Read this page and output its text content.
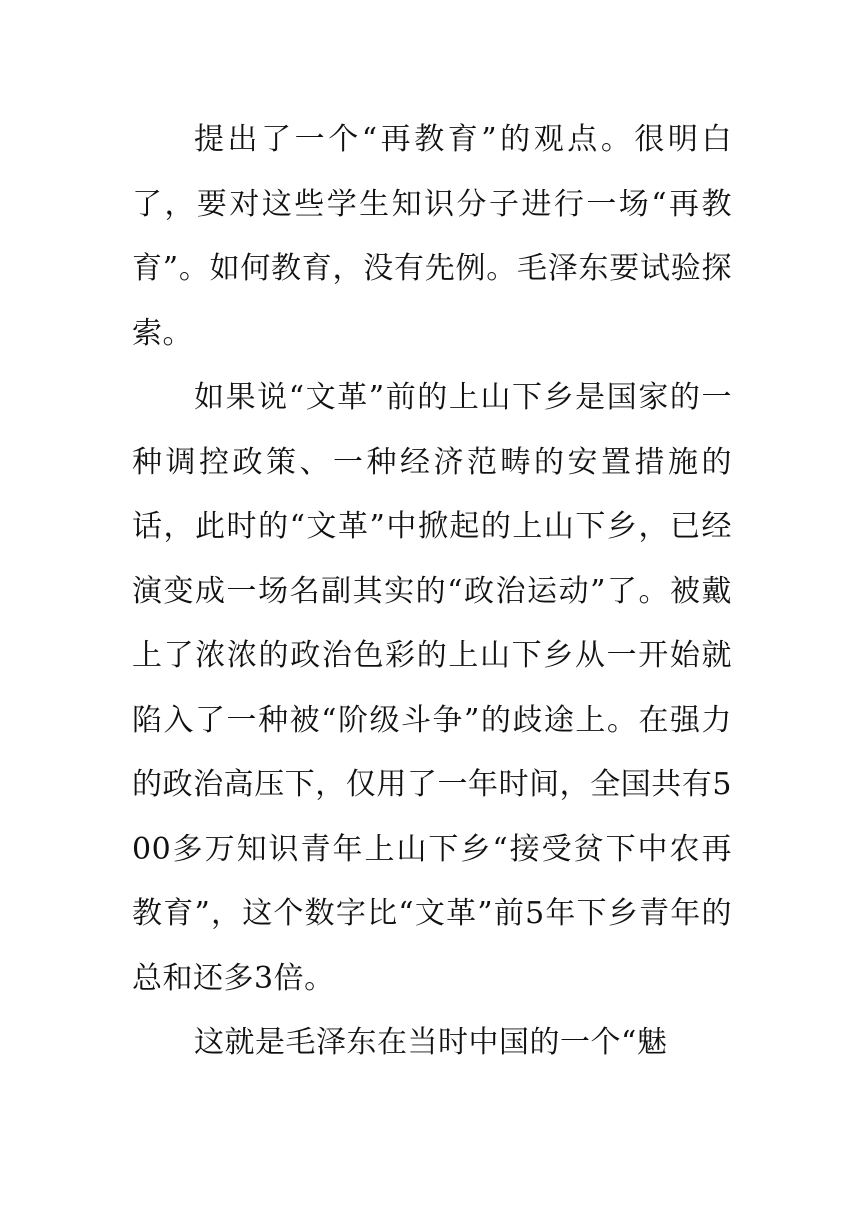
提出了一个“再教育”的观点。很明白了，要对这些学生知识分子进行一场“再教育”。如何教育，没有先例。毛泽东要试验探索。

如果说“文革”前的上山下乡是国家的一种调控政策、一种经济范畴的安置措施的话，此时的“文革”中掀起的上山下乡，已经演变成一场名副其实的“政治运动”了。被戴上了浓浓的政治色彩的上山下乡从一开始就陷入了一种被“阶级斗争”的歧途上。在强力的政治高压下，仅用了一年时间，全国共有500多万知识青年上山下乡“接受贫下中农再教育”，这个数字比“文革”前5年下乡青年的总和还多3倍。

这就是毛泽东在当时中国的一个“魅
